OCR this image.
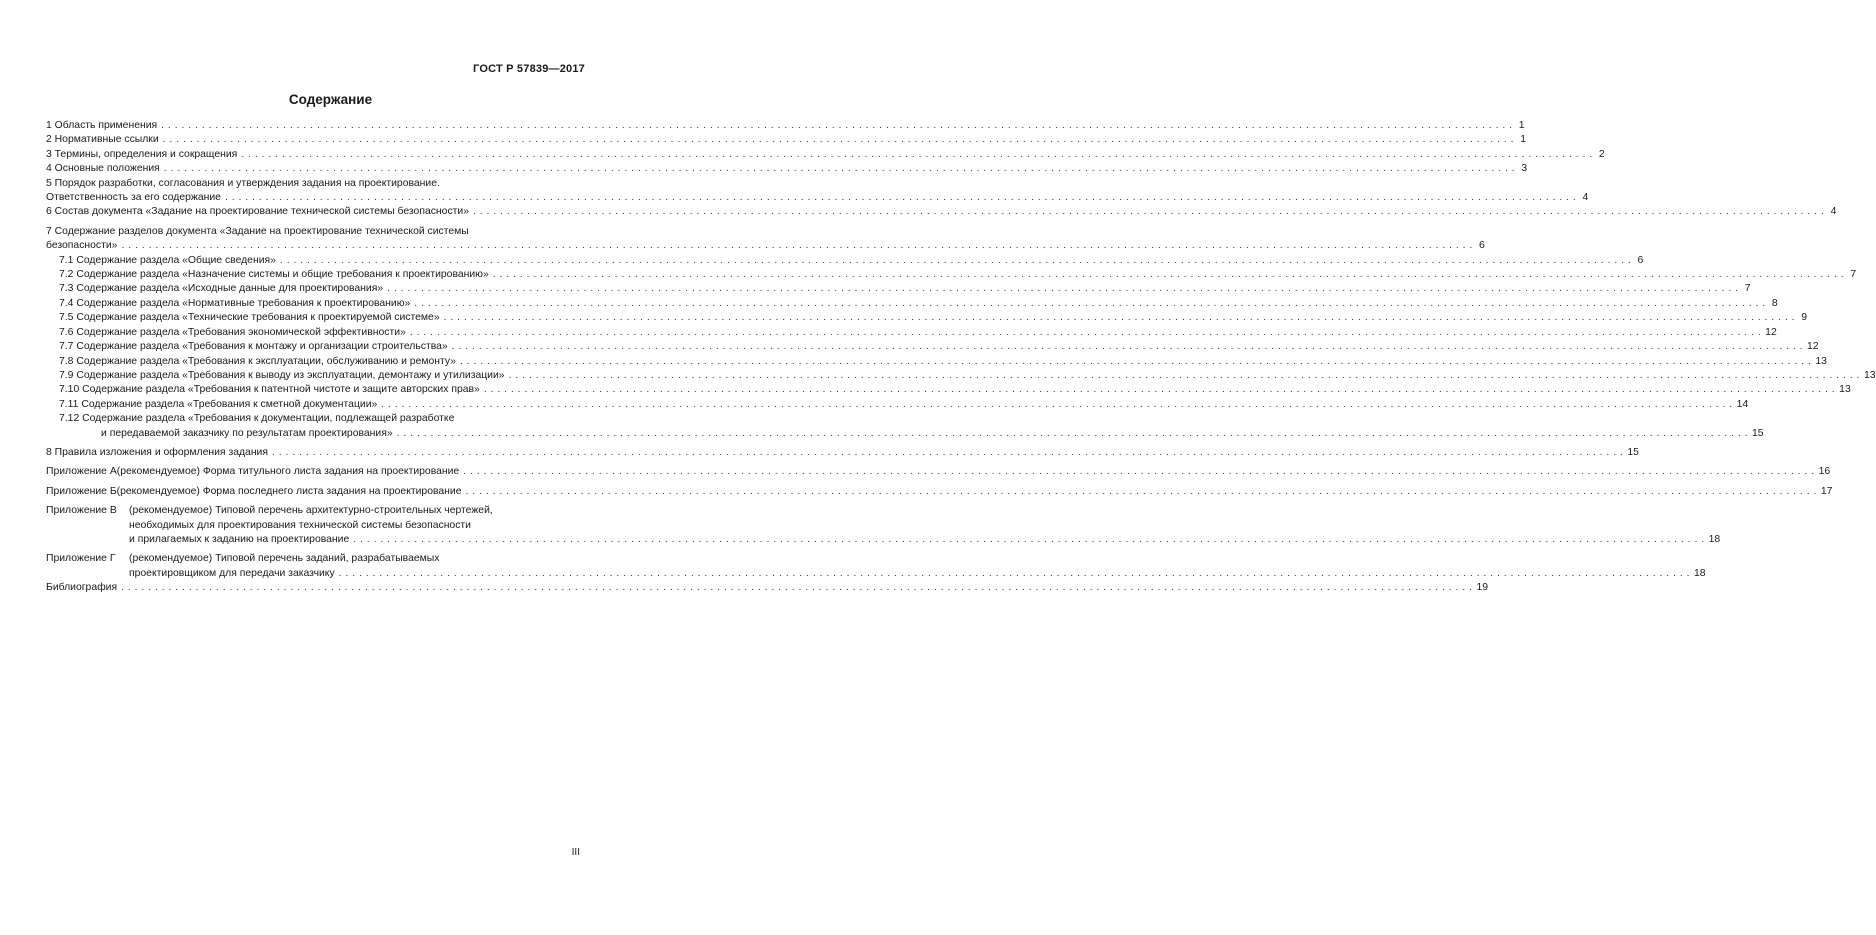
ГОСТ Р 57839—2017
Содержание
1 Область применения . . . . . . . . . . . . . . . . . . . . . . . . . . . . . . . . . . . . . . . . . . . . . . . . . . . . . . . . . . . . . . . . . . . . . . . . . . . . . . . . . . . . . . . . . . . . . . . . . . . . . . . . . . . . . . . . . . . . . . . . . . . . . . . . . . . . . . . . . . . . . . . . . . . . . . . . . . . . . . . . . . . . . . . . . . . . . . . . . . . . . . . . . . . . . . . . . . . . . . . . 1
2 Нормативные ссылки . . . . . . . . . . . . . . . . . . . . . . . . . . . . . . . . . . . . . . . . . . . . . . . . . . . . . . . . . . . . . . . . . . . . . . . . . . . . . . . . . . . . . . . . . . . . . . . . . . . . . . . . . . . . . . . . . . . . . . . . . . . . . . . . . . . . . . . . . . . . . . . . . . . . . . . . . . . . . . . . . . . . . . . . . . . . . . . . . . . . . . . . . . . . . . . . . . . . . . . . 1
3 Термины, определения и сокращения . . . . . . . . . . . . . . . . . . . . . . . . . . . . . . . . . . . . . . . . . . . . . . . . . . . . . . . . . . . . . . . . . . . . . . . . . . . . . . . . . . . . . . . . . . . . . . . . . . . . . . . . . . . . . . . . . . . . . . . . . . . . . . . . . . . . . . . . . . . . . . . . . . . . . . . . . . . . . . . . . . . . . . . . . . . . . . . . . . . . . . . . . . . . . . . . . . . . . . . . 2
4 Основные положения . . . . . . . . . . . . . . . . . . . . . . . . . . . . . . . . . . . . . . . . . . . . . . . . . . . . . . . . . . . . . . . . . . . . . . . . . . . . . . . . . . . . . . . . . . . . . . . . . . . . . . . . . . . . . . . . . . . . . . . . . . . . . . . . . . . . . . . . . . . . . . . . . . . . . . . . . . . . . . . . . . . . . . . . . . . . . . . . . . . . . . . . . . . . . . . . . . . . . . . . 3
5 Порядок разработки, согласования и утверждения задания на проектирование.
Ответственность за его содержание . . . . . . . . . . . . . . . . . . . . . . . . . . . . . . . . . . . . . . . . . . . . . . . . . . . . . . . . . . . . . . . . . . . . . . . . . . . . . . . . . . . . . . . . . . . . . . . . . . . . . . . . . . . . . . . . . . . . . . . . . . . . . . . . . . . . . . . . . . . . . . . . . . . . . . . . . . . . . . . . . . . . . . . . . . . . . . . . . . . . . . . . . . . . . . . . . . . . . . . . 4
6 Состав документа «Задание на проектирование технической системы безопасности» . . . . . . . . . . . . . . . . . . . . . . . . . . . . . . . . . . . . . . . . . . . . . . . . . . . . . . . . . . . . . . . . . . . . . . . . . . . . . . . . . . . . . . . . . . . . . . . . . . . . . . . . . . . . . . . . . . . . . . . . . . . . . . . . . . . . . . . . . . . . . . . . . . . . . . . . . . . . . . . . . . . . . . . . . . . . . . . . . . . . . . . . . . . . . . . . . . . . . . . . 4
7 Содержание разделов документа «Задание на проектирование технической системы
безопасности» . . . . . . . . . . . . . . . . . . . . . . . . . . . . . . . . . . . . . . . . . . . . . . . . . . . . . . . . . . . . . . . . . . . . . . . . . . . . . . . . . . . . . . . . . . . . . . . . . . . . . . . . . . . . . . . . . . . . . . . . . . . . . . . . . . . . . . . . . . . . . . . . . . . . . . . . . . . . . . . . . . . . . . . . . . . . . . . . . . . . . . . . . . . . . . . . . . . . . . . . 6
7.1 Содержание раздела «Общие сведения» . . . . . . . . . . . . . . . . . . . . . . . . . . . . . . . . . . . . . . . . . . . . . . . . . . . . . . . . . . . . . . . . . . . . . . . . . . . . . . . . . . . . . . . . . . . . . . . . . . . . . . . . . . . . . . . . . . . . . . . . . . . . . . . . . . . . . . . . . . . . . . . . . . . . . . . . . . . . . . . . . . . . . . . . . . . . . . . . . . . . . . . . . . . . . . . . . . . . . . . . 6
7.2 Содержание раздела «Назначение системы и общие требования к проектированию» . . . . . . . . . . . . . . . . . . . . . . . . . . . . . . . . . . . . . . . . . . . . . . . . . . . . . . . . . . . . . . . . . . . . . . . . . . . . . . . . . . . . . . . . . . . . . . . . . . . . . . . . . . . . . . . . . . . . . . . . . . . . . . . . . . . . . . . . . . . . . . . . . . . . . . . . . . . . . . . . . . . . . . . . . . . . . . . . . . . . . . . . . . . . . . . . . . . . . . . . 7
7.3 Содержание раздела «Исходные данные для проектирования» . . . . . . . . . . . . . . . . . . . . . . . . . . . . . . . . . . . . . . . . . . . . . . . . . . . . . . . . . . . . . . . . . . . . . . . . . . . . . . . . . . . . . . . . . . . . . . . . . . . . . . . . . . . . . . . . . . . . . . . . . . . . . . . . . . . . . . . . . . . . . . . . . . . . . . . . . . . . . . . . . . . . . . . . . . . . . . . . . . . . . . . . . . . . . . . . . . . . . . . . 7
7.4 Содержание раздела «Нормативные требования к проектированию» . . . . . . . . . . . . . . . . . . . . . . . . . . . . . . . . . . . . . . . . . . . . . . . . . . . . . . . . . . . . . . . . . . . . . . . . . . . . . . . . . . . . . . . . . . . . . . . . . . . . . . . . . . . . . . . . . . . . . . . . . . . . . . . . . . . . . . . . . . . . . . . . . . . . . . . . . . . . . . . . . . . . . . . . . . . . . . . . . . . . . . . . . . . . . . . . . . . . . . . . 8
7.5 Содержание раздела «Технические требования к проектируемой системе» . . . . . . . . . . . . . . . . . . . . . . . . . . . . . . . . . . . . . . . . . . . . . . . . . . . . . . . . . . . . . . . . . . . . . . . . . . . . . . . . . . . . . . . . . . . . . . . . . . . . . . . . . . . . . . . . . . . . . . . . . . . . . . . . . . . . . . . . . . . . . . . . . . . . . . . . . . . . . . . . . . . . . . . . . . . . . . . . . . . . . . . . . . . . . . . . . . . . . . . . 9
7.6 Содержание раздела «Требования экономической эффективности» . . . . . . . . . . . . . . . . . . . . . . . . . . . . . . . . . . . . . . . . . . . . . . . . . . . . . . . . . . . . . . . . . . . . . . . . . . . . . . . . . . . . . . . . . . . . . . . . . . . . . . . . . . . . . . . . . . . . . . . . . . . . . . . . . . . . . . . . . . . . . . . . . . . . . . . . . . . . . . . . . . . . . . . . . . . . . . . . . . . . . . . . . . . . . . . . . . . . . . . . 12
7.7 Содержание раздела «Требования к монтажу и организации строительства» . . . . . . . . . . . . . . . . . . . . . . . . . . . . . . . . . . . . . . . . . . . . . . . . . . . . . . . . . . . . . . . . . . . . . . . . . . . . . . . . . . . . . . . . . . . . . . . . . . . . . . . . . . . . . . . . . . . . . . . . . . . . . . . . . . . . . . . . . . . . . . . . . . . . . . . . . . . . . . . . . . . . . . . . . . . . . . . . . . . . . . . . . . . . . . . . . . . . . . . . 12
7.8 Содержание раздела «Требования к эксплуатации, обслуживанию и ремонту» . . . . . . . . . . . . . . . . . . . . . . . . . . . . . . . . . . . . . . . . . . . . . . . . . . . . . . . . . . . . . . . . . . . . . . . . . . . . . . . . . . . . . . . . . . . . . . . . . . . . . . . . . . . . . . . . . . . . . . . . . . . . . . . . . . . . . . . . . . . . . . . . . . . . . . . . . . . . . . . . . . . . . . . . . . . . . . . . . . . . . . . . . . . . . . . . . . . . . . . . 13
7.9 Содержание раздела «Требования к выводу из эксплуатации, демонтажу и утилизации» . . . . . . . . . . . . . . . . . . . . . . . . . . . . . . . . . . . . . . . . . . . . . . . . . . . . . . . . . . . . . . . . . . . . . . . . . . . . . . . . . . . . . . . . . . . . . . . . . . . . . . . . . . . . . . . . . . . . . . . . . . . . . . . . . . . . . . . . . . . . . . . . . . . . . . . . . . . . . . . . . . . . . . . . . . . . . . . . . . . . . . . . . . . . . . . . . . . . . . . . 13
7.10 Содержание раздела «Требования к патентной чистоте и защите авторских прав» . . . . . . . . . . . . . . . . . . . . . . . . . . . . . . . . . . . . . . . . . . . . . . . . . . . . . . . . . . . . . . . . . . . . . . . . . . . . . . . . . . . . . . . . . . . . . . . . . . . . . . . . . . . . . . . . . . . . . . . . . . . . . . . . . . . . . . . . . . . . . . . . . . . . . . . . . . . . . . . . . . . . . . . . . . . . . . . . . . . . . . . . . . . . . . . . . . . . . . . . 13
7.11 Содержание раздела «Требования к сметной документации» . . . . . . . . . . . . . . . . . . . . . . . . . . . . . . . . . . . . . . . . . . . . . . . . . . . . . . . . . . . . . . . . . . . . . . . . . . . . . . . . . . . . . . . . . . . . . . . . . . . . . . . . . . . . . . . . . . . . . . . . . . . . . . . . . . . . . . . . . . . . . . . . . . . . . . . . . . . . . . . . . . . . . . . . . . . . . . . . . . . . . . . . . . . . . . . . . . . . . . . . 14
7.12 Содержание раздела «Требования к документации, подлежащей разработке
и передаваемой заказчику по результатам проектирования» . . . . . . . . . . . . . . . . . . . . . . . . . . . . . . . . . . . . . . . . . . . . . . . . . . . . . . . . . . . . . . . . . . . . . . . . . . . . . . . . . . . . . . . . . . . . . . . . . . . . . . . . . . . . . . . . . . . . . . . . . . . . . . . . . . . . . . . . . . . . . . . . . . . . . . . . . . . . . . . . . . . . . . . . . . . . . . . . . . . . . . . . . . . . . . . . . . . . . . . . 15
8 Правила изложения и оформления задания . . . . . . . . . . . . . . . . . . . . . . . . . . . . . . . . . . . . . . . . . . . . . . . . . . . . . . . . . . . . . . . . . . . . . . . . . . . . . . . . . . . . . . . . . . . . . . . . . . . . . . . . . . . . . . . . . . . . . . . . . . . . . . . . . . . . . . . . . . . . . . . . . . . . . . . . . . . . . . . . . . . . . . . . . . . . . . . . . . . . . . . . . . . . . . . . . . . . . . . . 15
Приложение А (рекомендуемое) Форма титульного листа задания на проектирование . . . . . . . . . . . . . . . . . . . . . . . . . . . . . . . . . . . . . . . . . . . . . . . . . . . . . . . . . . . . . . . . . . . . . . . . . . . . . . . . . . . . . . . . . . . . . . . . . . . . . . . . . . . . . . . . . . . . . . . . . . . . . . . . . . . . . . . . . . . . . . . . . . . . . . . . . . . . . . . . . . . . . . . . . . . . . . . . . . . . . . . . . . . . . . . . . . . . . . . . 16
Приложение Б (рекомендуемое) Форма последнего листа задания на проектирование . . . . . . . . . . . . . . . . . . . . . . . . . . . . . . . . . . . . . . . . . . . . . . . . . . . . . . . . . . . . . . . . . . . . . . . . . . . . . . . . . . . . . . . . . . . . . . . . . . . . . . . . . . . . . . . . . . . . . . . . . . . . . . . . . . . . . . . . . . . . . . . . . . . . . . . . . . . . . . . . . . . . . . . . . . . . . . . . . . . . . . . . . . . . . . . . . . . . . . . . 17
Приложение В (рекомендуемое) Типовой перечень архитектурно-строительных чертежей,
необходимых для проектирования технической системы безопасности
и прилагаемых к заданию на проектирование . . . . . . . . . . . . . . . . . . . . . . . . . . . . . . . . . . . . . . . . . . . . . . . . . . . . . . . . . . . . . . . . . . . . . . . . . . . . . . . . . . . . . . . . . . . . . . . . . . . . . . . . . . . . . . . . . . . . . . . . . . . . . . . . . . . . . . . . . . . . . . . . . . . . . . . . . . . . . . . . . . . . . . . . . . . . . . . . . . . . . . . . . . . . . . . . . . . . . . . . 18
Приложение Г (рекомендуемое) Типовой перечень заданий, разрабатываемых
проектировщиком для передачи заказчику . . . . . . . . . . . . . . . . . . . . . . . . . . . . . . . . . . . . . . . . . . . . . . . . . . . . . . . . . . . . . . . . . . . . . . . . . . . . . . . . . . . . . . . . . . . . . . . . . . . . . . . . . . . . . . . . . . . . . . . . . . . . . . . . . . . . . . . . . . . . . . . . . . . . . . . . . . . . . . . . . . . . . . . . . . . . . . . . . . . . . . . . . . . . . . . . . . . . . . . . 18
Библиография . . . . . . . . . . . . . . . . . . . . . . . . . . . . . . . . . . . . . . . . . . . . . . . . . . . . . . . . . . . . . . . . . . . . . . . . . . . . . . . . . . . . . . . . . . . . . . . . . . . . . . . . . . . . . . . . . . . . . . . . . . . . . . . . . . . . . . . . . . . . . . . . . . . . . . . . . . . . . . . . . . . . . . . . . . . . . . . . . . . . . . . . . . . . . . . . . . . . . . . . 19
III
